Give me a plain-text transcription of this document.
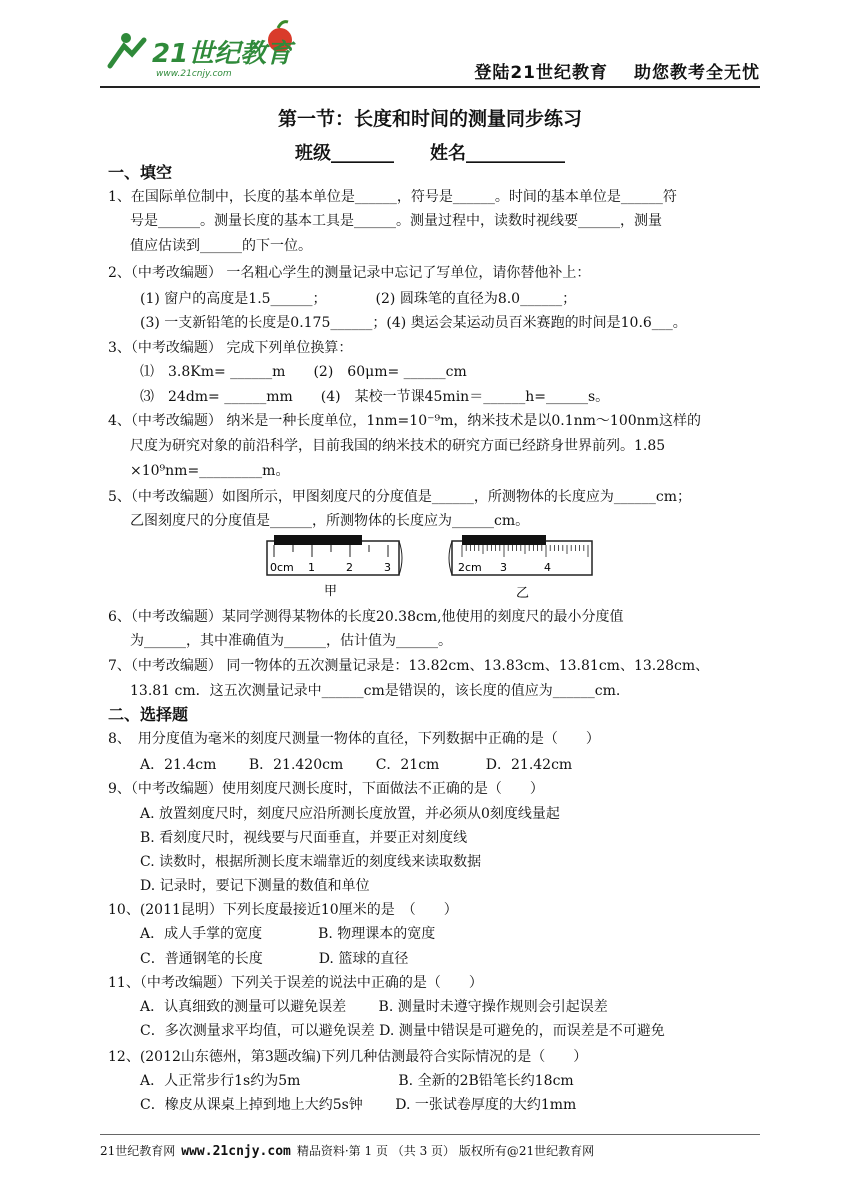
21世纪教育
www.21cnjy.com	登陆21世纪教育 助您教考全无忧
第一节：长度和时间的测量同步练习
班级_______　　姓名___________
一、填空
1、在国际单位制中，长度的基本单位是______，符号是______。时间的基本单位是______符
号是______。测量长度的基本工具是______。测量过程中，读数时视线要______，测量
值应估读到______的下一位。
2、（中考改编题） 一名粗心学生的测量记录中忘记了写单位，请你替他补上：
(1) 窗户的高度是1.5______；　　　　(2) 圆珠笔的直径为8.0______；
(3) 一支新铅笔的长度是0.175______；(4) 奥运会某运动员百米赛跑的时间是10.6___。
3、（中考改编题） 完成下列单位换算：
⑴　3.8Km= ______m　　(2)　60μm= ______cm
⑶　24dm= ______mm　　(4)　某校一节课45min＝______h=______s。
4、（中考改编题） 纳米是一种长度单位，1nm=10⁻⁹m，纳米技术是以0.1nm～100nm这样的
尺度为研究对象的前沿科学，目前我国的纳米技术的研究方面已经跻身世界前列。1.85
×10⁹nm=_________m。
5、（中考改编题）如图所示，甲图刻度尺的分度值是______，所测物体的长度应为______cm；
乙图刻度尺的分度值是______，所测物体的长度应为______cm。
6、（中考改编题）某同学测得某物体的长度20.38cm,他使用的刻度尺的最小分度值
为______，其中准确值为______，估计值为______。
7、（中考改编题） 同一物体的五次测量记录是：13.82cm、13.83cm、13.81cm、13.28cm、
13.81 cm．这五次测量记录中______cm是错误的，该长度的值应为______cm.
二、选择题
8、　用分度值为毫米的刻度尺测量一物体的直径，下列数据中正确的是（　　）
A．21.4cm　　 B．21.420cm　　 C．21cm　　　 D．21.42cm
9、（中考改编题）使用刻度尺测长度时，下面做法不正确的是（　　）
A. 放置刻度尺时，刻度尺应沿所测长度放置，并必须从0刻度线量起
B. 看刻度尺时，视线要与尺面垂直，并要正对刻度线
C. 读数时，根据所测长度末端靠近的刻度线来读取数据
D. 记录时，要记下测量的数值和单位
10、(2011昆明）下列长度最接近10厘米的是　（　　）
A．成人手掌的宽度　　　　B. 物理课本的宽度
C．普通钢笔的长度　　　　D. 篮球的直径
11、（中考改编题）下列关于误差的说法中正确的是（　　）
A．认真细致的测量可以避免误差　　 B. 测量时未遵守操作规则会引起误差
C．多次测量求平均值，可以避免误差 D. 测量中错误是可避免的，而误差是不可避免
12、(2012山东德州，第3题改编)下列几种估测最符合实际情况的是（　　）
A．人正常步行1s约为5m　　　　　　　B. 全新的2B铅笔长约18cm
C．橡皮从课桌上掉到地上大约5s钟　　 D. 一张试卷厚度的大约1mm
0cm 1	2	3
甲
2cm 3	4
乙
21世纪教育网 www.21cnjy.com 精品资料·第 1 页 （共 3 页） 版权所有@21世纪教育网
